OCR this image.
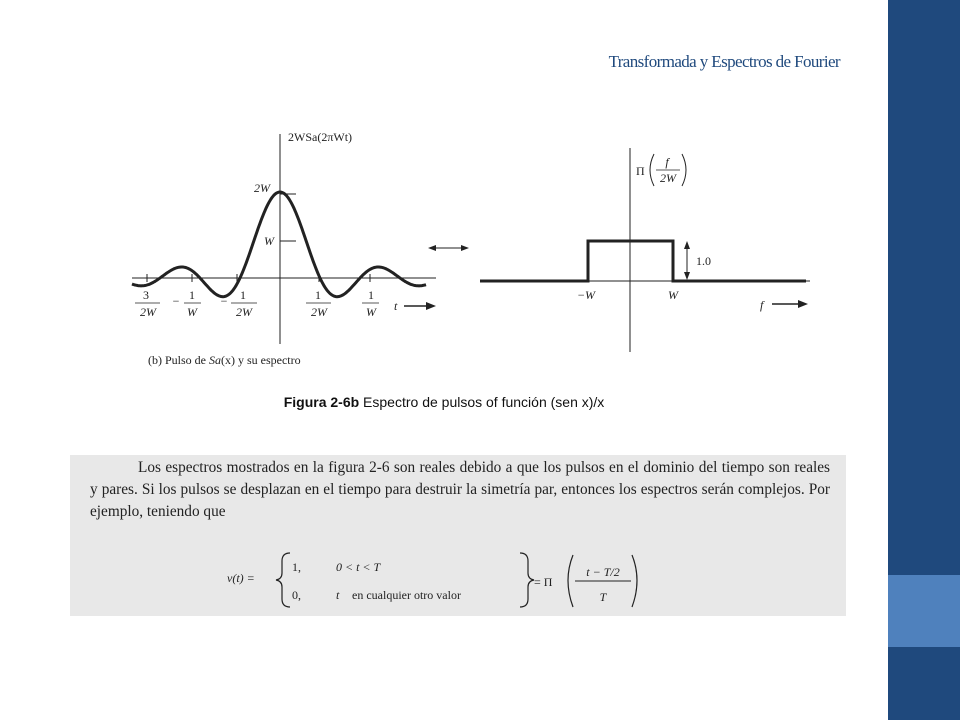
Transformada y Espectros de Fourier
2WSa(2πWt)
2W
W
3
2W
− 1
W
− 1
2W
1
2W
1
W t
(b) Pulso de Sa(x) y su espectro
1.0
Π
f
2W
−W	W
f
Figura 2-6b Espectro de pulsos of función (sen x)/x
Los espectros mostrados en la figura 2-6 son reales debido a que los pulsos en el dominio del tiempo son reales y pares. Si los pulsos se desplazan en el tiempo para destruir la simetría par, entonces los espectros serán complejos. Por ejemplo, teniendo que
v(t) =
1,	0 < t < T
0,	t en cualquier otro valor
= Π
t − T/2
T
